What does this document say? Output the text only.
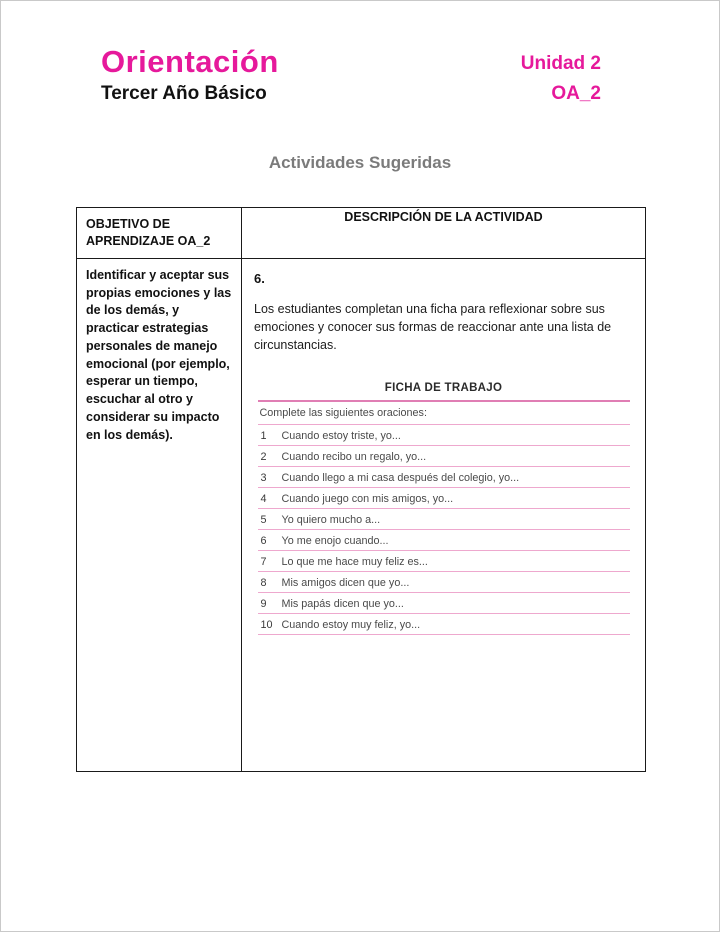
Orientación
Tercer Año Básico
Unidad 2
OA_2
Actividades Sugeridas
OBJETIVO DE APRENDIZAJE OA_2
DESCRIPCIÓN DE LA ACTIVIDAD
Identificar y aceptar sus propias emociones y las de los demás, y practicar estrategias personales de manejo emocional (por ejemplo, esperar un tiempo, escuchar al otro y considerar su impacto en los demás).
6.
Los estudiantes completan una ficha para reflexionar sobre sus emociones y conocer sus formas de reaccionar ante una lista de circunstancias.
FICHA DE TRABAJO
Complete las siguientes oraciones:
1	Cuando estoy triste, yo...
2	Cuando recibo un regalo, yo...
3	Cuando llego a mi casa después del colegio, yo...
4	Cuando juego con mis amigos, yo...
5	Yo quiero mucho a...
6	Yo me enojo cuando...
7	Lo que me hace muy feliz es...
8	Mis amigos dicen que yo...
9	Mis papás dicen que yo...
10 Cuando estoy muy feliz, yo...
